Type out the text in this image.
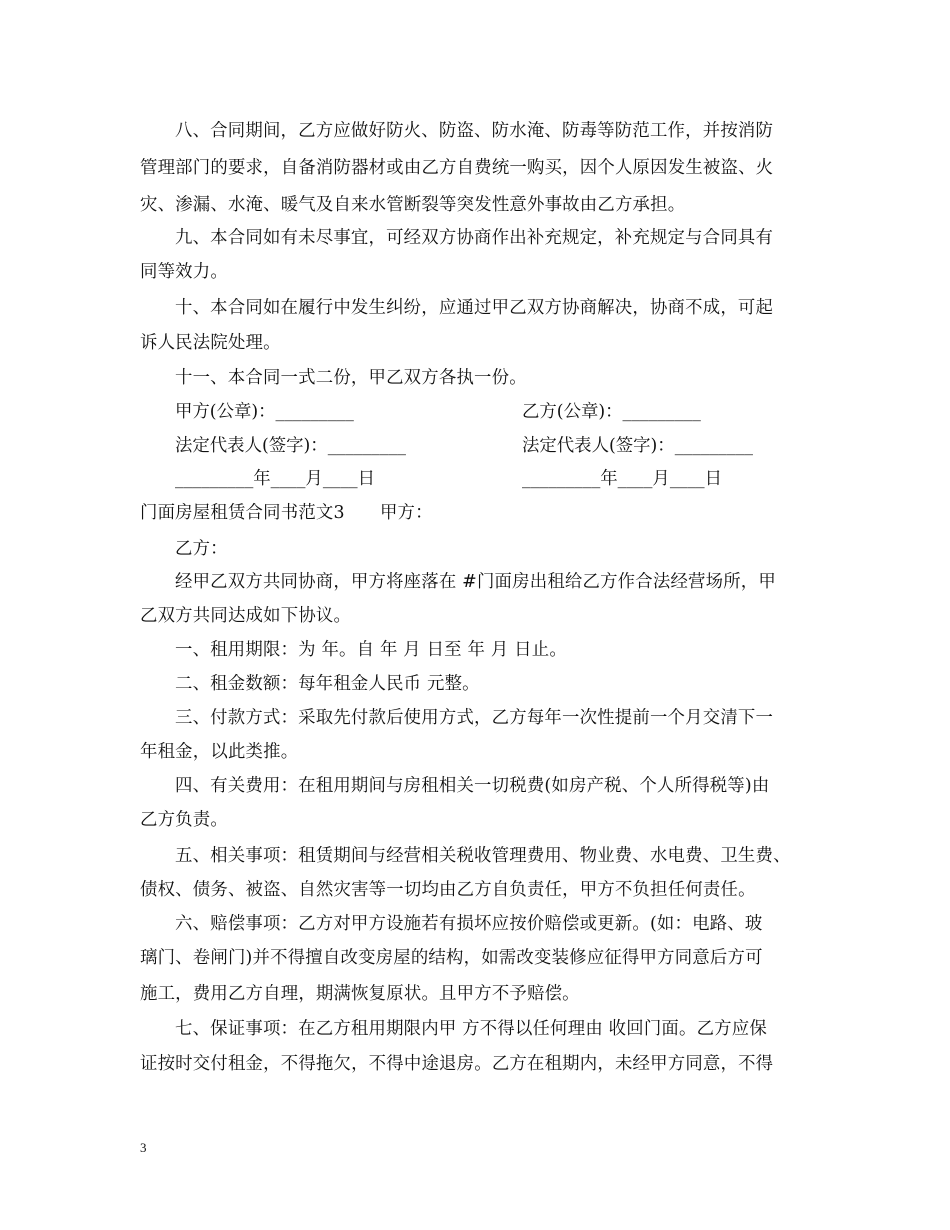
八、合同期间，乙方应做好防火、防盗、防水淹、防毒等防范工作，并按消防
管理部门的要求，自备消防器材或由乙方自费统一购买，因个人原因发生被盗、火
灾、渗漏、水淹、暖气及自来水管断裂等突发性意外事故由乙方承担。
九、本合同如有未尽事宜，可经双方协商作出补充规定，补充规定与合同具有
同等效力。
十、本合同如在履行中发生纠纷，应通过甲乙双方协商解决，协商不成，可起
诉人民法院处理。
十一、本合同一式二份，甲乙双方各执一份。
甲方(公章)：_________	乙方(公章)：_________
法定代表人(签字)：_________	法定代表人(签字)：_________
_________年____月____日	_________年____月____日
门面房屋租赁合同书范文3　　甲方：
乙方：
经甲乙双方共同协商，甲方将座落在 #门面房出租给乙方作合法经营场所，甲
乙双方共同达成如下协议。
一、租用期限：为 年。自 年 月 日至 年 月 日止。
二、租金数额：每年租金人民币 元整。
三、付款方式：采取先付款后使用方式，乙方每年一次性提前一个月交清下一
年租金，以此类推。
四、有关费用：在租用期间与房租相关一切税费(如房产税、个人所得税等)由
乙方负责。
五、相关事项：租赁期间与经营相关税收管理费用、物业费、水电费、卫生费、
债权、债务、被盗、自然灾害等一切均由乙方自负责任，甲方不负担任何责任。
六、赔偿事项：乙方对甲方设施若有损坏应按价赔偿或更新。(如：电路、玻
璃门、卷闸门)并不得擅自改变房屋的结构，如需改变装修应征得甲方同意后方可
施工，费用乙方自理，期满恢复原状。且甲方不予赔偿。
七、保证事项：在乙方租用期限内甲 方不得以任何理由 收回门面。乙方应保
证按时交付租金，不得拖欠，不得中途退房。乙方在租期内，未经甲方同意，不得
3
